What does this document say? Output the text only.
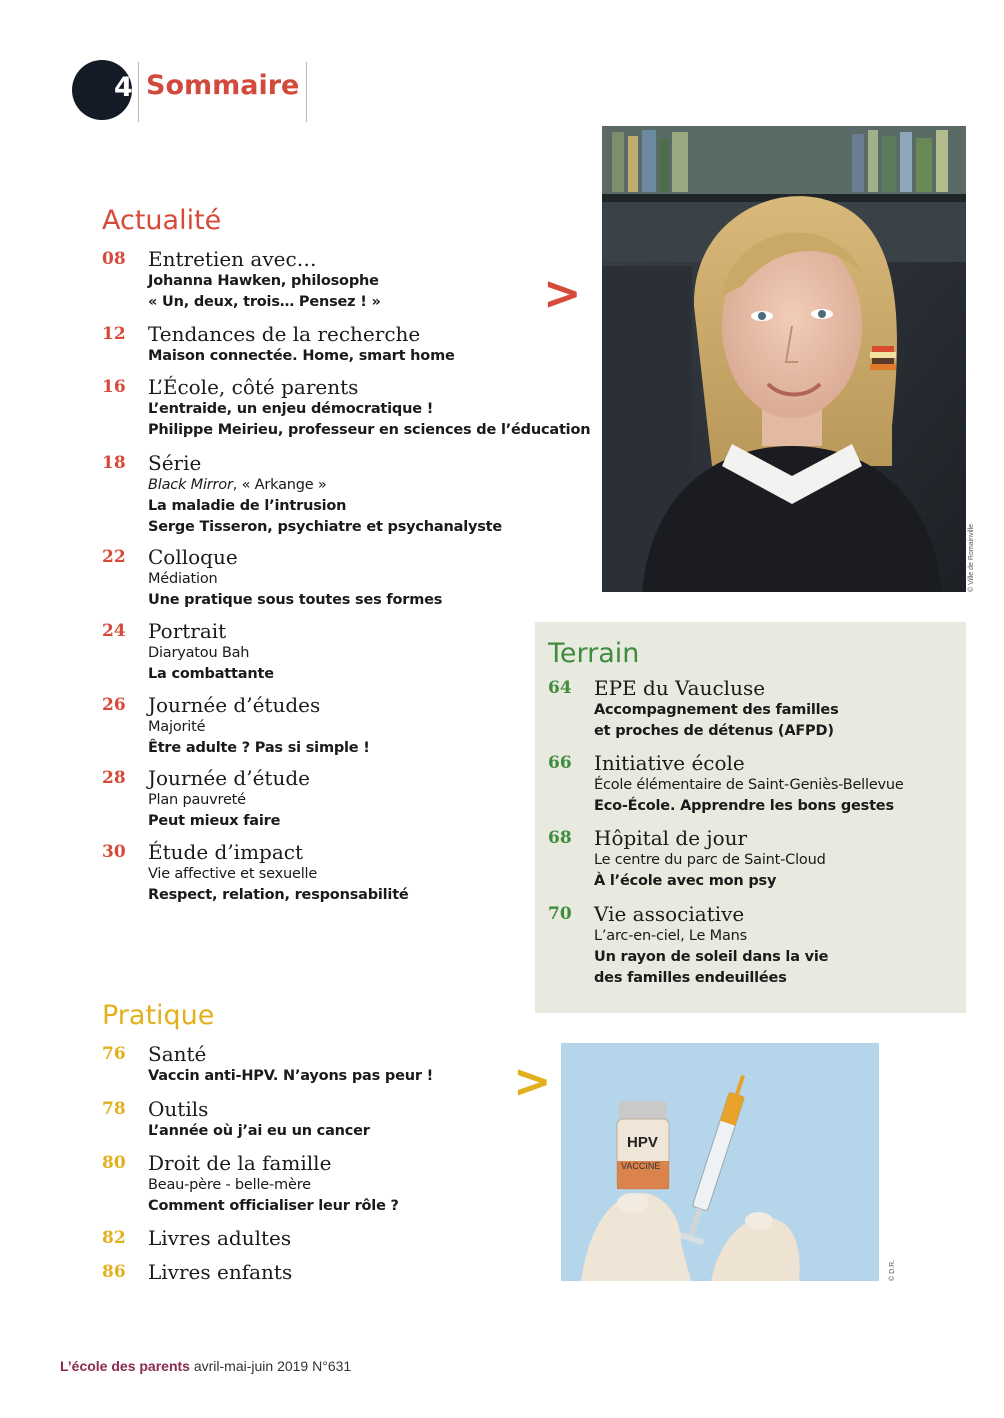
4 Sommaire
Actualité
08 Entretien avec…
Johanna Hawken, philosophe
« Un, deux, trois… Pensez ! »
12 Tendances de la recherche
Maison connectée. Home, smart home
16 L’École, côté parents
L’entraide, un enjeu démocratique !
Philippe Meirieu, professeur en sciences de l’éducation
18 Série
Black Mirror, « Arkange »
La maladie de l’intrusion
Serge Tisseron, psychiatre et psychanalyste
22 Colloque
Médiation
Une pratique sous toutes ses formes
24 Portrait
Diaryatou Bah
La combattante
26 Journée d’études
Majorité
Être adulte ? Pas si simple !
28 Journée d’étude
Plan pauvreté
Peut mieux faire
30 Étude d’impact
Vie affective et sexuelle
Respect, relation, responsabilité
Terrain
64 EPE du Vaucluse
Accompagnement des familles
et proches de détenus (AFPD)
66 Initiative école
École élémentaire de Saint-Geniès-Bellevue
Eco-École. Apprendre les bons gestes
68 Hôpital de jour
Le centre du parc de Saint-Cloud
À l’école avec mon psy
70 Vie associative
L’arc-en-ciel, Le Mans
Un rayon de soleil dans la vie
des familles endeuillées
Pratique
76 Santé
Vaccin anti-HPV. N’ayons pas peur !
78 Outils
L’année où j’ai eu un cancer
80 Droit de la famille
Beau-père - belle-mère
Comment officialiser leur rôle ?
82 Livres adultes
86 Livres enfants
© Ville de Romainville
HPV
VACCINE
© D.R.
>
>
L’école des parents avril-mai-juin 2019 N°631
